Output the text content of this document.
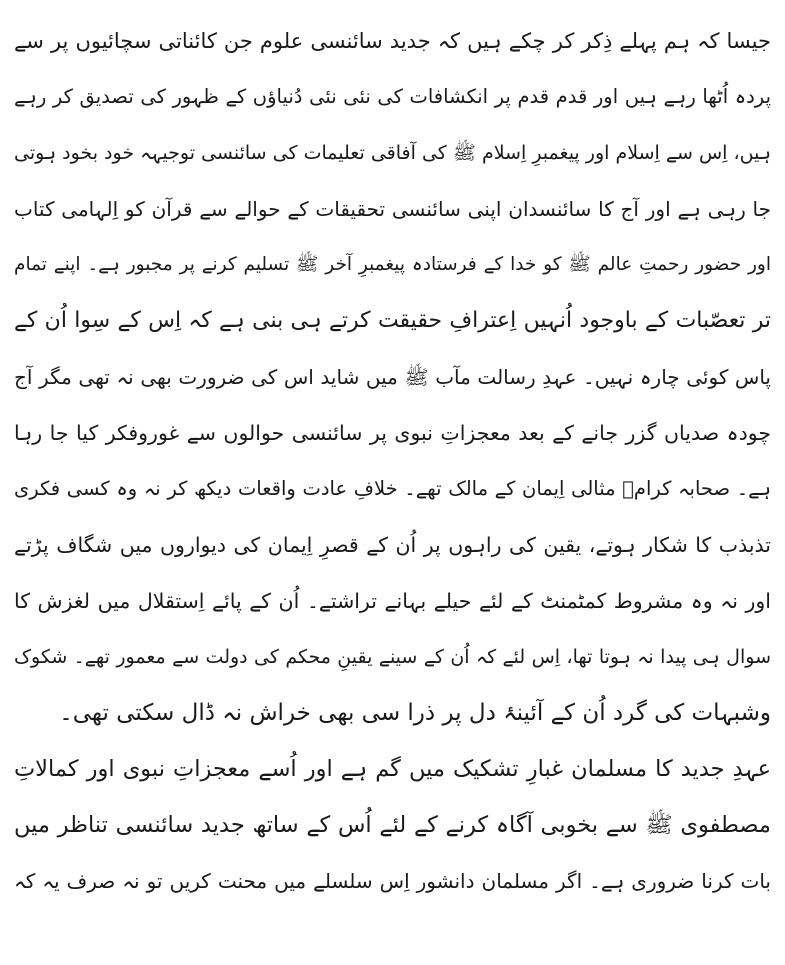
جیسا کہ ہم پہلے ذِکر کر چکے ہیں کہ جدید سائنسی علوم جن کائناتی سچائیوں پر سے
پردہ اُٹھا رہے ہیں اور قدم قدم پر انکشافات کی نئی نئی دُنیاؤں کے ظہور کی تصدیق کر رہے
ہیں، اِس سے اِسلام اور پیغمبرِ اِسلام ﷺ کی آفاقی تعلیمات کی سائنسی توجیہہ خود بخود ہوتی
جا رہی ہے اور آج کا سائنسدان اپنی سائنسی تحقیقات کے حوالے سے قرآن کو اِلہامی کتاب
اور حضور رحمتِ عالم ﷺ کو خدا کے فرستادہ پیغمبرِ آخر ﷺ تسلیم کرنے پر مجبور ہے۔ اپنے تمام
تر تعصّبات کے باوجود اُنہیں اِعترافِ حقیقت کرتے ہی بنی ہے کہ اِس کے سِوا اُن کے
پاس کوئی چارہ نہیں۔ عہدِ رسالت مآب ﷺ میں شاید اس کی ضرورت بھی نہ تھی مگر آج
چودہ صدیاں گزر جانے کے بعد معجزاتِ نبوی پر سائنسی حوالوں سے غوروفکر کیا جا رہا
ہے۔ صحابہ کرامؓ مثالی اِیمان کے مالک تھے۔ خلافِ عادت واقعات دیکھ کر نہ وہ کسی فکری
تذبذب کا شکار ہوتے، یقین کی راہوں پر اُن کے قصرِ اِیمان کی دیواروں میں شگاف پڑتے
اور نہ وہ مشروط کمٹمنٹ کے لئے حیلے بہانے تراشتے۔ اُن کے پائے اِستقلال میں لغزش کا
سوال ہی پیدا نہ ہوتا تھا، اِس لئے کہ اُن کے سینے یقینِ محکم کی دولت سے معمور تھے۔ شکوک
وشبہات کی گرد اُن کے آئینۂ دل پر ذرا سی بھی خراش نہ ڈال سکتی تھی۔
عہدِ جدید کا مسلمان غبارِ تشکیک میں گم ہے اور اُسے معجزاتِ نبوی اور کمالاتِ
مصطفوی ﷺ سے بخوبی آگاہ کرنے کے لئے اُس کے ساتھ جدید سائنسی تناظر میں
بات کرنا ضروری ہے۔ اگر مسلمان دانشور اِس سلسلے میں محنت کریں تو نہ صرف یہ کہ
